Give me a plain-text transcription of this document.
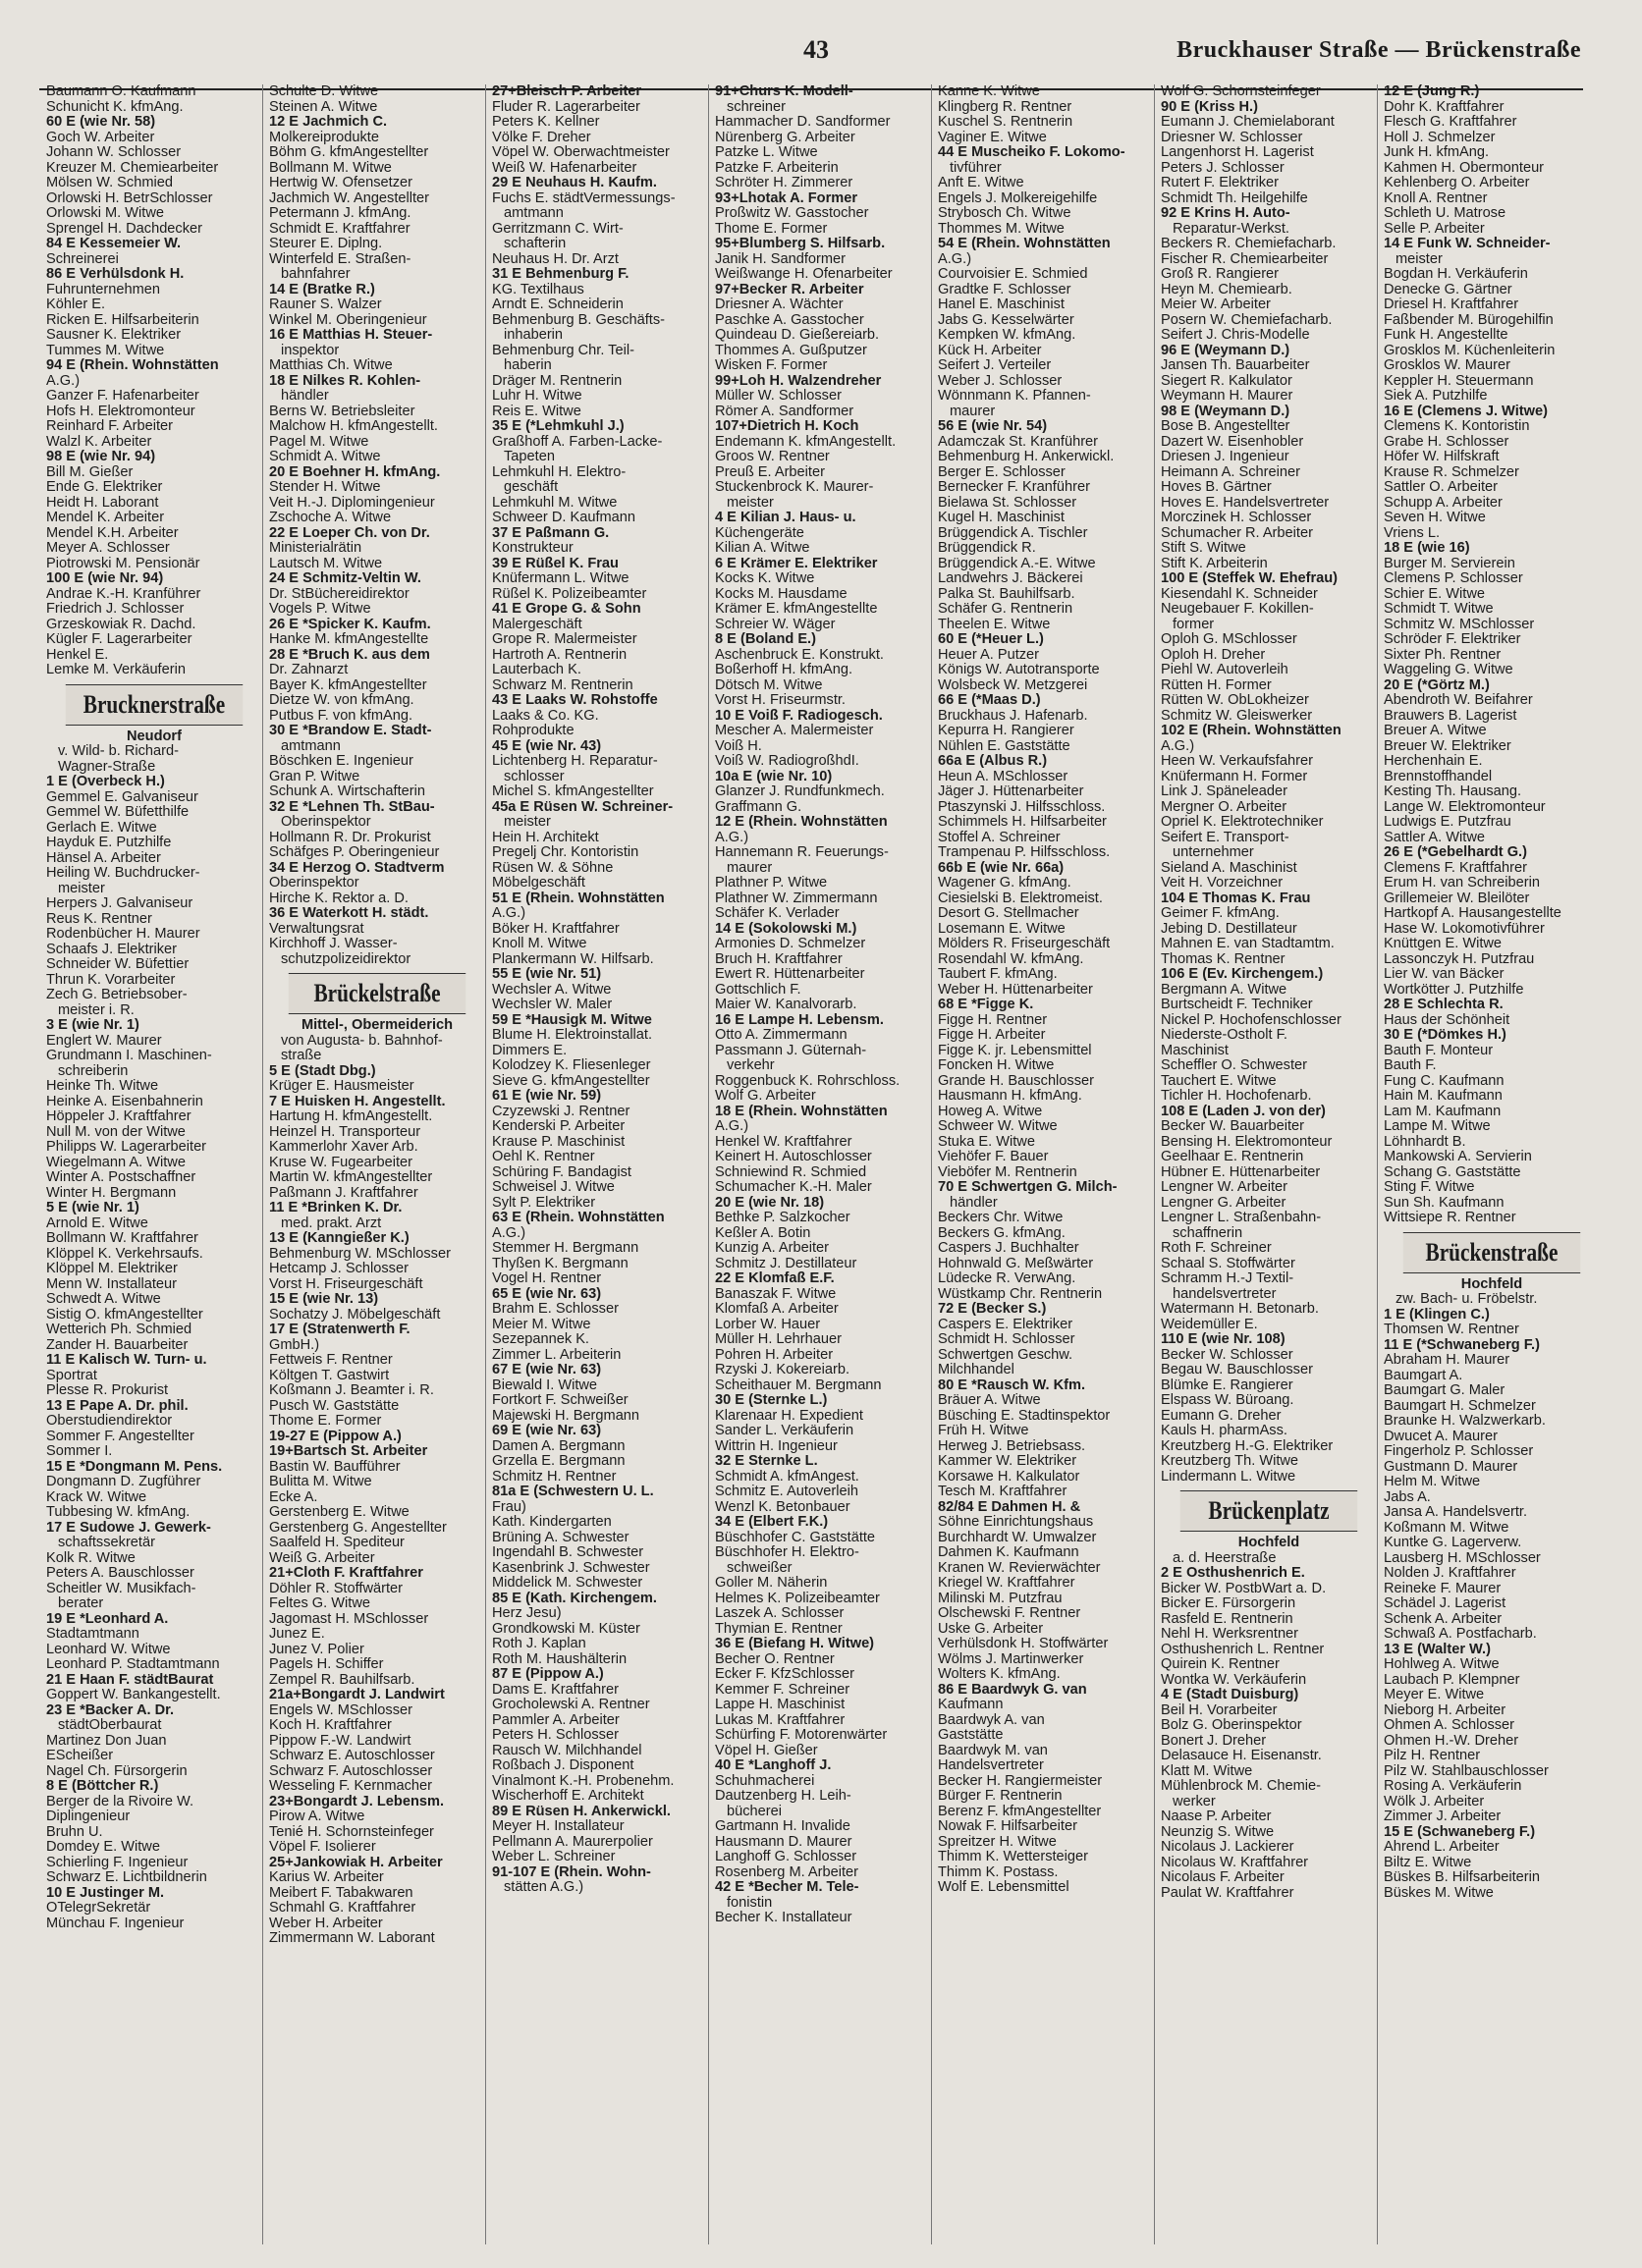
43	Bruckhauser Straße — Brückenstraße
Baumann O. Kaufmann
Schunicht K. kfmAng.
60 E (wie Nr. 58)
Goch W. Arbeiter
Johann W. Schlosser
Kreuzer M. Chemiearbeiter
Mölsen W. Schmied
Orlowski H. BetrSchlosser
Orlowski M. Witwe
Sprengel H. Dachdecker
84 E Kessemeier W.
Schreinerei
86 E Verhülsdonk H.
Fuhrunternehmen
Köhler E.
Ricken E. Hilfsarbeiterin
Sausner K. Elektriker
Tummes M. Witwe
94 E (Rhein. Wohnstätten
A.G.)
Ganzer F. Hafenarbeiter
Hofs H. Elektromonteur
Reinhard F. Arbeiter
Walzl K. Arbeiter
98 E (wie Nr. 94)
Bill M. Gießer
Ende G. Elektriker
Heidt H. Laborant
Mendel K. Arbeiter
Mendel K.H. Arbeiter
Meyer A. Schlosser
Piotrowski M. Pensionär
100 E (wie Nr. 94)
Andrae K.-H. Kranführer
Friedrich J. Schlosser
Grzeskowiak R. Dachd.
Kügler F. Lagerarbeiter
Henkel E.
Lemke M. Verkäuferin
Brucknerstraße
Neudorf
v. Wild- b. Richard-
Wagner-Straße
1 E (Overbeck H.)
Gemmel E. Galvaniseur
Gemmel W. Büfetthilfe
Gerlach E. Witwe
Hayduk E. Putzhilfe
Hänsel A. Arbeiter
Heiling W. Buchdrucker-
meister
Herpers J. Galvaniseur
Reus K. Rentner
Rodenbücher H. Maurer
Schaafs J. Elektriker
Schneider W. Büfettier
Thrun K. Vorarbeiter
Zech G. Betriebsober-
meister i. R.
3 E (wie Nr. 1)
Englert W. Maurer
Grundmann I. Maschinen-
schreiberin
Heinke Th. Witwe
Heinke A. Eisenbahnerin
Höppeler J. Kraftfahrer
Null M. von der Witwe
Philipps W. Lagerarbeiter
Wiegelmann A. Witwe
Winter A. Postschaffner
Winter H. Bergmann
5 E (wie Nr. 1)
Arnold E. Witwe
Bollmann W. Kraftfahrer
Klöppel K. Verkehrsaufs.
Klöppel M. Elektriker
Menn W. Installateur
Schwedt A. Witwe
Sistig O. kfmAngestellter
Wetterich Ph. Schmied
Zander H. Bauarbeiter
11 E Kalisch W. Turn- u.
Sportrat
Plesse R. Prokurist
13 E Pape A. Dr. phil.
Oberstudiendirektor
Sommer F. Angestellter
Sommer I.
15 E *Dongmann M. Pens.
Dongmann D. Zugführer
Krack W. Witwe
Tubbesing W. kfmAng.
17 E Sudowe J. Gewerk-
schaftssekretär
Kolk R. Witwe
Peters A. Bauschlosser
Scheitler W. Musikfach-
berater
19 E *Leonhard A.
Stadtamtmann
Leonhard W. Witwe
Leonhard P. Stadtamtmann
21 E Haan F. städtBaurat
Goppert W. Bankangestellt.
23 E *Backer A. Dr.
städtOberbaurat
Martinez Don Juan
EScheißer
Nagel Ch. Fürsorgerin
8 E (Böttcher R.)
Berger de la Rivoire W.
Diplingenieur
Bruhn U.
Domdey E. Witwe
Schierling F. Ingenieur
Schwarz E. Lichtbildnerin
10 E Justinger M.
OTelegrSekretär
Münchau F. Ingenieur
Schulte D. Witwe
Steinen A. Witwe
12 E Jachmich C.
Molkereiprodukte
Böhm G. kfmAngestellter
Bollmann M. Witwe
Hertwig W. Ofensetzer
Jachmich W. Angestellter
Petermann J. kfmAng.
Schmidt E. Kraftfahrer
Steurer E. Diplng.
Winterfeld E. Straßen-
bahnfahrer
14 E (Bratke R.)
Rauner S. Walzer
Winkel M. Oberingenieur
16 E Matthias H. Steuer-
inspektor
Matthias Ch. Witwe
18 E Nilkes R. Kohlen-
händler
Berns W. Betriebsleiter
Malchow H. kfmAngestellt.
Pagel M. Witwe
Schmidt A. Witwe
20 E Boehner H. kfmAng.
Stender H. Witwe
Veit H.-J. Diplomingenieur
Zschoche A. Witwe
22 E Loeper Ch. von Dr.
Ministerialrätin
Lautsch M. Witwe
24 E Schmitz-Veltin W.
Dr. StBüchereidirektor
Vogels P. Witwe
26 E *Spicker K. Kaufm.
Hanke M. kfmAngestellte
28 E *Bruch K. aus dem
Dr. Zahnarzt
Bayer K. kfmAngestellter
Dietze W. von kfmAng.
Putbus F. von kfmAng.
30 E *Brandow E. Stadt-
amtmann
Böschken E. Ingenieur
Gran P. Witwe
Schunk A. Wirtschafterin
32 E *Lehnen Th. StBau-
Oberinspektor
Hollmann R. Dr. Prokurist
Schäfges P. Oberingenieur
34 E Herzog O. Stadtverm
Oberinspektor
Hirche K. Rektor a. D.
36 E Waterkott H. städt.
Verwaltungsrat
Kirchhoff J. Wasser-
schutzpolizeidirektor
Brückelstraße
Mittel-, Obermeiderich
von Augusta- b. Bahnhof-
straße
5 E (Stadt Dbg.)
Krüger E. Hausmeister
7 E Huisken H. Angestellt.
Hartung H. kfmAngestellt.
Heinzel H. Transporteur
Kammerlohr Xaver Arb.
Kruse W. Fugearbeiter
Martin W. kfmAngestellter
Paßmann J. Kraftfahrer
11 E *Brinken K. Dr.
med. prakt. Arzt
13 E (Kanngießer K.)
Behmenburg W. MSchlosser
Hetcamp J. Schlosser
Vorst H. Friseurgeschäft
15 E (wie Nr. 13)
Sochatzy J. Möbelgeschäft
17 E (Stratenwerth F.
GmbH.)
Fettweis F. Rentner
Költgen T. Gastwirt
Koßmann J. Beamter i. R.
Pusch W. Gaststätte
Thome E. Former
19-27 E (Pippow A.)
19+Bartsch St. Arbeiter
Bastin W. Baufführer
Bulitta M. Witwe
Ecke A.
Gerstenberg E. Witwe
Gerstenberg G. Angestellter
Saalfeld H. Spediteur
Weiß G. Arbeiter
21+Cloth F. Kraftfahrer
Döhler R. Stoffwärter
Feltes G. Witwe
Jagomast H. MSchlosser
Junez E.
Junez V. Polier
Pagels H. Schiffer
Zempel R. Bauhilfsarb.
21a+Bongardt J. Landwirt
Engels W. MSchlosser
Koch H. Kraftfahrer
Pippow F.-W. Landwirt
Schwarz E. Autoschlosser
Schwarz F. Autoschlosser
Wesseling F. Kernmacher
23+Bongardt J. Lebensm.
Pirow A. Witwe
Tenié H. Schornsteinfeger
Vöpel F. Isolierer
25+Jankowiak H. Arbeiter
Karius W. Arbeiter
Meibert F. Tabakwaren
Schmahl G. Kraftfahrer
Weber H. Arbeiter
Zimmermann W. Laborant
27+Bleisch P. Arbeiter
Fluder R. Lagerarbeiter
Peters K. Kellner
Völke F. Dreher
Vöpel W. Oberwachtmeister
Weiß W. Hafenarbeiter
29 E Neuhaus H. Kaufm.
Fuchs E. städtVermessungs-
amtmann
Gerritzmann C. Wirt-
schafterin
Neuhaus H. Dr. Arzt
31 E Behmenburg F.
KG. Textilhaus
Arndt E. Schneiderin
Behmenburg B. Geschäfts-
inhaberin
Behmenburg Chr. Teil-
haberin
Dräger M. Rentnerin
Luhr H. Witwe
Reis E. Witwe
35 E (*Lehmkuhl J.)
Graßhoff A. Farben-Lacke-
Tapeten
Lehmkuhl H. Elektro-
geschäft
Lehmkuhl M. Witwe
Schweer D. Kaufmann
37 E Paßmann G.
Konstrukteur
39 E Rüßel K. Frau
Knüfermann L. Witwe
Rüßel K. Polizeibeamter
41 E Grope G. & Sohn
Malergeschäft
Grope R. Malermeister
Hartroth A. Rentnerin
Lauterbach K.
Schwarz M. Rentnerin
43 E Laaks W. Rohstoffe
Laaks & Co. KG.
Rohprodukte
45 E (wie Nr. 43)
Lichtenberg H. Reparatur-
schlosser
Michel S. kfmAngestellter
45a E Rüsen W. Schreiner-
meister
Hein H. Architekt
Pregelj Chr. Kontoristin
Rüsen W. & Söhne
Möbelgeschäft
51 E (Rhein. Wohnstätten
A.G.)
Böker H. Kraftfahrer
Knoll M. Witwe
Plankermann W. Hilfsarb.
55 E (wie Nr. 51)
Wechsler A. Witwe
Wechsler W. Maler
59 E *Hausigk M. Witwe
Blume H. Elektroinstallat.
Dimmers E.
Kolodzey K. Fliesenleger
Sieve G. kfmAngestellter
61 E (wie Nr. 59)
Czyzewski J. Rentner
Kenderski P. Arbeiter
Krause P. Maschinist
Oehl K. Rentner
Schüring F. Bandagist
Schweisel J. Witwe
Sylt P. Elektriker
63 E (Rhein. Wohnstätten
A.G.)
Stemmer H. Bergmann
Thyßen K. Bergmann
Vogel H. Rentner
65 E (wie Nr. 63)
Brahm E. Schlosser
Meier M. Witwe
Sezepannek K.
Zimmer L. Arbeiterin
67 E (wie Nr. 63)
Biewald I. Witwe
Fortkort F. Schweißer
Majewski H. Bergmann
69 E (wie Nr. 63)
Damen A. Bergmann
Grzella E. Bergmann
Schmitz H. Rentner
81a E (Schwestern U. L.
Frau)
Kath. Kindergarten
Brüning A. Schwester
Ingendahl B. Schwester
Kasenbrink J. Schwester
Middelick M. Schwester
85 E (Kath. Kirchengem.
Herz Jesu)
Grondkowski M. Küster
Roth J. Kaplan
Roth M. Haushälterin
87 E (Pippow A.)
Dams E. Kraftfahrer
Grocholewski A. Rentner
Pammler A. Arbeiter
Peters H. Schlosser
Rausch W. Milchhandel
Roßbach J. Disponent
Vinalmont K.-H. Probenehm.
Wischerhoff E. Architekt
89 E Rüsen H. Ankerwickl.
Meyer H. Installateur
Pellmann A. Maurerpolier
Weber L. Schreiner
91-107 E (Rhein. Wohn-
stätten A.G.)
91+Churs K. Modell-
schreiner
Hammacher D. Sandformer
Nürenberg G. Arbeiter
Patzke L. Witwe
Patzke F. Arbeiterin
Schröter H. Zimmerer
93+Lhotak A. Former
Proßwitz W. Gasstocher
Thome E. Former
95+Blumberg S. Hilfsarb.
Janik H. Sandformer
Weißwange H. Ofenarbeiter
97+Becker R. Arbeiter
Driesner A. Wächter
Paschke A. Gasstocher
Quindeau D. Gießereiarb.
Thommes A. Gußputzer
Wisken F. Former
99+Loh H. Walzendreher
Müller W. Schlosser
Römer A. Sandformer
107+Dietrich H. Koch
Endemann K. kfmAngestellt.
Groos W. Rentner
Preuß E. Arbeiter
Stuckenbrock K. Maurer-
meister
4 E Kilian J. Haus- u.
Küchengeräte
Kilian A. Witwe
6 E Krämer E. Elektriker
Kocks K. Witwe
Kocks M. Hausdame
Krämer E. kfmAngestellte
Schreier W. Wäger
8 E (Boland E.)
Aschenbruck E. Konstrukt.
Boßerhoff H. kfmAng.
Dötsch M. Witwe
Vorst H. Friseurmstr.
10 E Voiß F. Radiogesch.
Mescher A. Malermeister
Voiß H.
Voiß W. RadiogroßhdI.
10a E (wie Nr. 10)
Glanzer J. Rundfunkmech.
Graffmann G.
12 E (Rhein. Wohnstätten
A.G.)
Hannemann R. Feuerungs-
maurer
Plathner P. Witwe
Plathner W. Zimmermann
Schäfer K. Verlader
14 E (Sokolowski M.)
Armonies D. Schmelzer
Bruch H. Kraftfahrer
Ewert R. Hüttenarbeiter
Gottschlich F.
Maier W. Kanalvorarb.
16 E Lampe H. Lebensm.
Otto A. Zimmermann
Passmann J. Güternah-
verkehr
Roggenbuck K. Rohrschloss.
Wolf G. Arbeiter
18 E (Rhein. Wohnstätten
A.G.)
Henkel W. Kraftfahrer
Keinert H. Autoschlosser
Schniewind R. Schmied
Schumacher K.-H. Maler
20 E (wie Nr. 18)
Bethke P. Salzkocher
Keßler A. Botin
Kunzig A. Arbeiter
Schmitz J. Destillateur
22 E Klomfaß E.F.
Banaszak F. Witwe
Klomfaß A. Arbeiter
Lorber W. Hauer
Müller H. Lehrhauer
Pohren H. Arbeiter
Rzyski J. Kokereiarb.
Scheithauer M. Bergmann
30 E (Sternke L.)
Klarenaar H. Expedient
Sander L. Verkäuferin
Wittrin H. Ingenieur
32 E Sternke L.
Schmidt A. kfmAngest.
Schmitz E. Autoverleih
Wenzl K. Betonbauer
34 E (Elbert F.K.)
Büschhofer C. Gaststätte
Büschhofer H. Elektro-
schweißer
Goller M. Näherin
Helmes K. Polizeibeamter
Laszek A. Schlosser
Thymian E. Rentner
36 E (Biefang H. Witwe)
Becher O. Rentner
Ecker F. KfzSchlosser
Kemmer F. Schreiner
Lappe H. Maschinist
Lukas M. Kraftfahrer
Schürfing F. Motorenwärter
Vöpel H. Gießer
40 E *Langhoff J.
Schuhmacherei
Dautzenberg H. Leih-
bücherei
Gartmann H. Invalide
Hausmann D. Maurer
Langhoff G. Schlosser
Rosenberg M. Arbeiter
42 E *Becher M. Tele-
fonistin
Becher K. Installateur
Kanne K. Witwe
Klingberg R. Rentner
Kuschel S. Rentnerin
Vaginer E. Witwe
44 E Muscheiko F. Lokomo-
tivführer
Anft E. Witwe
Engels J. Molkereigehilfe
Strybosch Ch. Witwe
Thommes M. Witwe
54 E (Rhein. Wohnstätten
A.G.)
Courvoisier E. Schmied
Gradtke F. Schlosser
Hanel E. Maschinist
Jabs G. Kesselwärter
Kempken W. kfmAng.
Kück H. Arbeiter
Seifert J. Verteiler
Weber J. Schlosser
Wönnmann K. Pfannen-
maurer
56 E (wie Nr. 54)
Adamczak St. Kranführer
Behmenburg H. Ankerwickl.
Berger E. Schlosser
Bernecker F. Kranführer
Bielawa St. Schlosser
Kugel H. Maschinist
Brüggendick A. Tischler
Brüggendick R.
Brüggendick A.-E. Witwe
Landwehrs J. Bäckerei
Palka St. Bauhilfsarb.
Schäfer G. Rentnerin
Theelen E. Witwe
60 E (*Heuer L.)
Heuer A. Putzer
Königs W. Autotransporte
Wolsbeck W. Metzgerei
66 E (*Maas D.)
Bruckhaus J. Hafenarb.
Kepurra H. Rangierer
Nühlen E. Gaststätte
66a E (Albus R.)
Heun A. MSchlosser
Jäger J. Hüttenarbeiter
Ptaszynski J. Hilfsschloss.
Schimmels H. Hilfsarbeiter
Stoffel A. Schreiner
Trampenau P. Hilfsschloss.
66b E (wie Nr. 66a)
Wagener G. kfmAng.
Ciesielski B. Elektromeist.
Desort G. Stellmacher
Losemann E. Witwe
Mölders R. Friseurgeschäft
Rosendahl W. kfmAng.
Taubert F. kfmAng.
Weber H. Hüttenarbeiter
68 E *Figge K.
Figge H. Rentner
Figge H. Arbeiter
Figge K. jr. Lebensmittel
Foncken H. Witwe
Grande H. Bauschlosser
Hausmann H. kfmAng.
Howeg A. Witwe
Schweer W. Witwe
Stuka E. Witwe
Viehöfer F. Bauer
Vieböfer M. Rentnerin
70 E Schwertgen G. Milch-
händler
Beckers Chr. Witwe
Beckers G. kfmAng.
Caspers J. Buchhalter
Hohnwald G. Meßwärter
Lüdecke R. VerwAng.
Wüstkamp Chr. Rentnerin
72 E (Becker S.)
Caspers E. Elektriker
Schmidt H. Schlosser
Schwertgen Geschw.
Milchhandel
80 E *Rausch W. Kfm.
Bräuer A. Witwe
Büsching E. Stadtinspektor
Früh H. Witwe
Herweg J. Betriebsass.
Kammer W. Elektriker
Korsawe H. Kalkulator
Tesch M. Kraftfahrer
82/84 E Dahmen H. &
Söhne Einrichtungshaus
Burchhardt W. Umwalzer
Dahmen K. Kaufmann
Kranen W. Revierwächter
Kriegel W. Kraftfahrer
Milinski M. Putzfrau
Olschewski F. Rentner
Uske G. Arbeiter
Verhülsdonk H. Stoffwärter
Wölms J. Martinwerker
Wolters K. kfmAng.
86 E Baardwyk G. van
Kaufmann
Baardwyk A. van
Gaststätte
Baardwyk M. van
Handelsvertreter
Becker H. Rangiermeister
Bürger F. Rentnerin
Berenz F. kfmAngestellter
Nowak F. Hilfsarbeiter
Spreitzer H. Witwe
Thimm K. Wettersteiger
Thimm K. Postass.
Wolf E. Lebensmittel
Wolf G. Schornsteinfeger
90 E (Kriss H.)
Eumann J. Chemielaborant
Driesner W. Schlosser
Langenhorst H. Lagerist
Peters J. Schlosser
Rutert F. Elektriker
Schmidt Th. Heilgehilfe
92 E Krins H. Auto-
Reparatur-Werkst.
Beckers R. Chemiefacharb.
Fischer R. Chemiearbeiter
Groß R. Rangierer
Heyn M. Chemiearb.
Meier W. Arbeiter
Posern W. Chemiefacharb.
Seifert J. Chris-Modelle
96 E (Weymann D.)
Jansen Th. Bauarbeiter
Siegert R. Kalkulator
Weymann H. Maurer
98 E (Weymann D.)
Bose B. Angestellter
Dazert W. Eisenhobler
Driesen J. Ingenieur
Heimann A. Schreiner
Hoves B. Gärtner
Hoves E. Handelsvertreter
Morczinek H. Schlosser
Schumacher R. Arbeiter
Stift S. Witwe
Stift K. Arbeiterin
100 E (Steffek W. Ehefrau)
Kiesendahl K. Schneider
Neugebauer F. Kokillen-
former
Oploh G. MSchlosser
Oploh H. Dreher
Piehl W. Autoverleih
Rütten H. Former
Rütten W. ObLokheizer
Schmitz W. Gleiswerker
102 E (Rhein. Wohnstätten
A.G.)
Heen W. Verkaufsfahrer
Knüfermann H. Former
Link J. Späneleader
Mergner O. Arbeiter
Opriel K. Elektrotechniker
Seifert E. Transport-
unternehmer
Sieland A. Maschinist
Veit H. Vorzeichner
104 E Thomas K. Frau
Geimer F. kfmAng.
Jebing D. Destillateur
Mahnen E. van Stadtamtm.
Thomas K. Rentner
106 E (Ev. Kirchengem.)
Bergmann A. Witwe
Burtscheidt F. Techniker
Nickel P. Hochofenschlosser
Niederste-Ostholt F.
Maschinist
Scheffler O. Schwester
Tauchert E. Witwe
Tichler H. Hochofenarb.
108 E (Laden J. von der)
Becker W. Bauarbeiter
Bensing H. Elektromonteur
Geelhaar E. Rentnerin
Hübner E. Hüttenarbeiter
Lengner W. Arbeiter
Lengner G. Arbeiter
Lengner L. Straßenbahn-
schaffnerin
Roth F. Schreiner
Schaal S. Stoffwärter
Schramm H.-J Textil-
handelsvertreter
Watermann H. Betonarb.
Weidemüller E.
110 E (wie Nr. 108)
Becker W. Schlosser
Begau W. Bauschlosser
Blümke E. Rangierer
Elspass W. Büroang.
Eumann G. Dreher
Kauls H. pharmAss.
Kreutzberg H.-G. Elektriker
Kreutzberg Th. Witwe
Lindermann L. Witwe
Brückenplatz
Hochfeld
a. d. Heerstraße
2 E Osthushenrich E.
Bicker W. PostbWart a. D.
Bicker E. Fürsorgerin
Rasfeld E. Rentnerin
Nehl H. Werksrentner
Osthushenrich L. Rentner
Quirein K. Rentner
Wontka W. Verkäuferin
4 E (Stadt Duisburg)
Beil H. Vorarbeiter
Bolz G. Oberinspektor
Bonert J. Dreher
Delasauce H. Eisenanstr.
Klatt M. Witwe
Mühlenbrock M. Chemie-
werker
Naase P. Arbeiter
Neunzig S. Witwe
Nicolaus J. Lackierer
Nicolaus W. Kraftfahrer
Nicolaus F. Arbeiter
Paulat W. Kraftfahrer
12 E (Jung R.)
Dohr K. Kraftfahrer
Flesch G. Kraftfahrer
Holl J. Schmelzer
Junk H. kfmAng.
Kahmen H. Obermonteur
Kehlenberg O. Arbeiter
Knoll A. Rentner
Schleth U. Matrose
Selle P. Arbeiter
14 E Funk W. Schneider-
meister
Bogdan H. Verkäuferin
Denecke G. Gärtner
Driesel H. Kraftfahrer
Faßbender M. Bürogehilfin
Funk H. Angestellte
Grosklos M. Küchenleiterin
Grosklos W. Maurer
Keppler H. Steuermann
Siek A. Putzhilfe
16 E (Clemens J. Witwe)
Clemens K. Kontoristin
Grabe H. Schlosser
Höfer W. Hilfskraft
Krause R. Schmelzer
Sattler O. Arbeiter
Schupp A. Arbeiter
Seven H. Witwe
Vriens L.
18 E (wie 16)
Burger M. Servierein
Clemens P. Schlosser
Schier E. Witwe
Schmidt T. Witwe
Schmitz W. MSchlosser
Schröder F. Elektriker
Sixter Ph. Rentner
Waggeling G. Witwe
20 E (*Görtz M.)
Abendroth W. Beifahrer
Brauwers B. Lagerist
Breuer A. Witwe
Breuer W. Elektriker
Herchenhain E.
Brennstoffhandel
Kesting Th. Hausang.
Lange W. Elektromonteur
Ludwigs E. Putzfrau
Sattler A. Witwe
26 E (*Gebelhardt G.)
Clemens F. Kraftfahrer
Erum H. van Schreiberin
Grillemeier W. Bleilöter
Hartkopf A. Hausangestellte
Hase W. Lokomotivführer
Knüttgen E. Witwe
Lassonczyk H. Putzfrau
Lier W. van Bäcker
Wortkötter J. Putzhilfe
28 E Schlechta R.
Haus der Schönheit
30 E (*Dömkes H.)
Bauth F. Monteur
Bauth F.
Fung C. Kaufmann
Hain M. Kaufmann
Lam M. Kaufmann
Lampe M. Witwe
Löhnhardt B.
Mankowski A. Servierin
Schang G. Gaststätte
Sting F. Witwe
Sun Sh. Kaufmann
Wittsiepe R. Rentner
Brückenstraße
Hochfeld
zw. Bach- u. Fröbelstr.
1 E (Klingen C.)
Thomsen W. Rentner
11 E (*Schwaneberg F.)
Abraham H. Maurer
Baumgart A.
Baumgart G. Maler
Baumgart H. Schmelzer
Braunke H. Walzwerkarb.
Dwucet A. Maurer
Fingerholz P. Schlosser
Gustmann D. Maurer
Helm M. Witwe
Jabs A.
Jansa A. Handelsvertr.
Koßmann M. Witwe
Kuntke G. Lagerverw.
Lausberg H. MSchlosser
Nolden J. Kraftfahrer
Reineke F. Maurer
Schädel J. Lagerist
Schenk A. Arbeiter
Schwaß A. Postfacharb.
13 E (Walter W.)
Hohlweg A. Witwe
Laubach P. Klempner
Meyer E. Witwe
Nieborg H. Arbeiter
Ohmen A. Schlosser
Ohmen H.-W. Dreher
Pilz H. Rentner
Pilz W. Stahlbauschlosser
Rosing A. Verkäuferin
Wölk J. Arbeiter
Zimmer J. Arbeiter
15 E (Schwaneberg F.)
Ahrend L. Arbeiter
Biltz E. Witwe
Büskes B. Hilfsarbeiterin
Büskes M. Witwe
